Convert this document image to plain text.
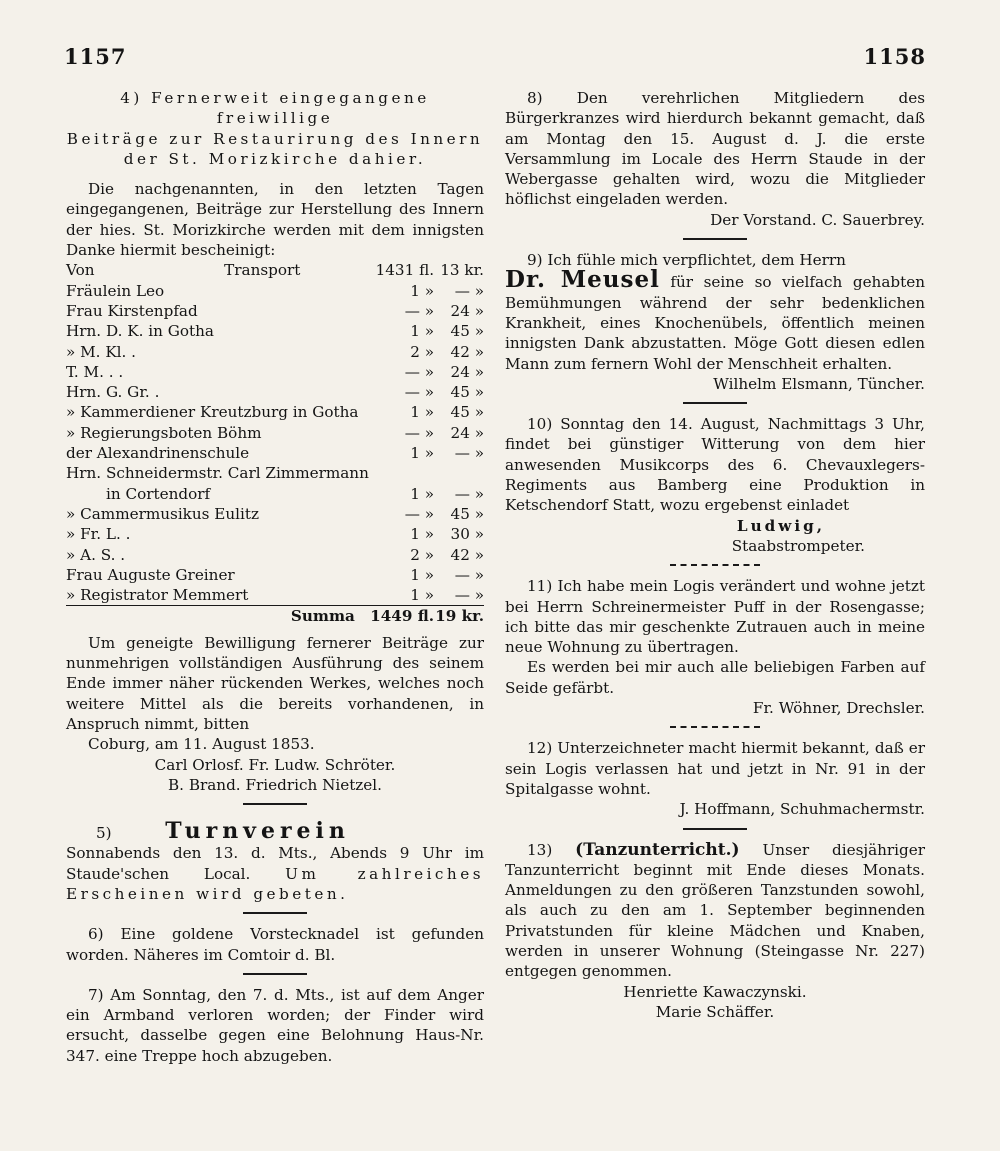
1157	1158

4) Fernerweit eingegangene freiwillige

Beiträge zur Restaurirung des Innern

der St. Morizkirche dahier.

Die nachgenannten, in den letzten Tagen eingegangenen, Beiträge zur Herstellung des Innern der hies. St. Morizkirche werden mit dem innigsten Danke hiermit bescheinigt:

Von Transport	1431 fl.	13 kr.
Fräulein Leo	1 »	— »
Frau Kirstenpfad	— »	24 »
Hrn. D. K. in Gotha	1 »	45 »
» M. Kl. .	2 »	42 »
T. M. . .	— »	24 »
Hrn. G. Gr. .	— »	45 »
» Kammerdiener Kreutzburg in Gotha	1 »	45 »
» Regierungsboten Böhm	— »	24 »
der Alexandrinenschule	1 »	— »
Hrn. Schneidermstr. Carl Zimmermann		
in Cortendorf	1 »	— »
» Cammermusikus Eulitz	— »	45 »
» Fr. L. .	1 »	30 »
» A. S. .	2 »	42 »
Frau Auguste Greiner	1 »	— »
» Registrator Memmert	1 »	— »
Summa	1449 fl.	19 kr.

Um geneigte Bewilligung fernerer Beiträge zur nunmehrigen vollständigen Ausführung des seinem Ende immer näher rückenden Werkes, welches noch weitere Mittel als die bereits vorhandenen, in Anspruch nimmt, bitten

Coburg, am 11. August 1853.

Carl Orlosf. Fr. Ludw. Schröter.

B. Brand. Friedrich Nietzel.

5) Turnverein

Sonnabends den 13. d. Mts., Abends 9 Uhr im Staude'schen Local. Um zahlreiches Erscheinen wird gebeten.

6) Eine goldene Vorstecknadel ist gefunden worden. Näheres im Comtoir d. Bl.

7) Am Sonntag, den 7. d. Mts., ist auf dem Anger ein Armband verloren worden; der Finder wird ersucht, dasselbe gegen eine Belohnung Haus-Nr. 347. eine Treppe hoch abzugeben.

8) Den verehrlichen Mitgliedern des Bürgerkranzes wird hierdurch bekannt gemacht, daß am Montag den 15. August d. J. die erste Versammlung im Locale des Herrn Staude in der Webergasse gehalten wird, wozu die Mitglieder höflichst eingeladen werden.

Der Vorstand. C. Sauerbrey.

9) Ich fühle mich verpflichtet, dem Herrn

Dr. Meusel für seine so vielfach gehabten Bemühmungen während der sehr bedenklichen Krankheit, eines Knochenübels, öffentlich meinen innigsten Dank abzustatten. Möge Gott diesen edlen Mann zum fernern Wohl der Menschheit erhalten.

Wilhelm Elsmann, Tüncher.

10) Sonntag den 14. August, Nachmittags 3 Uhr, findet bei günstiger Witterung von dem hier anwesenden Musikcorps des 6. Chevauxlegers-Regiments aus Bamberg eine Produktion in Ketschendorf Statt, wozu ergebenst einladet

Ludwig,

Staabstrompeter.

11) Ich habe mein Logis verändert und wohne jetzt bei Herrn Schreinermeister Puff in der Rosengasse; ich bitte das mir geschenkte Zutrauen auch in meine neue Wohnung zu übertragen.

Es werden bei mir auch alle beliebigen Farben auf Seide gefärbt.

Fr. Wöhner, Drechsler.

12) Unterzeichneter macht hiermit bekannt, daß er sein Logis verlassen hat und jetzt in Nr. 91 in der Spitalgasse wohnt.

J. Hoffmann, Schuhmachermstr.

13) (Tanzunterricht.) Unser diesjähriger Tanzunterricht beginnt mit Ende dieses Monats. Anmeldungen zu den größeren Tanzstunden sowohl, als auch zu den am 1. September beginnenden Privatstunden für kleine Mädchen und Knaben, werden in unserer Wohnung (Steingasse Nr. 227) entgegen genommen.

Henriette Kawaczynski.

Marie Schäffer.
